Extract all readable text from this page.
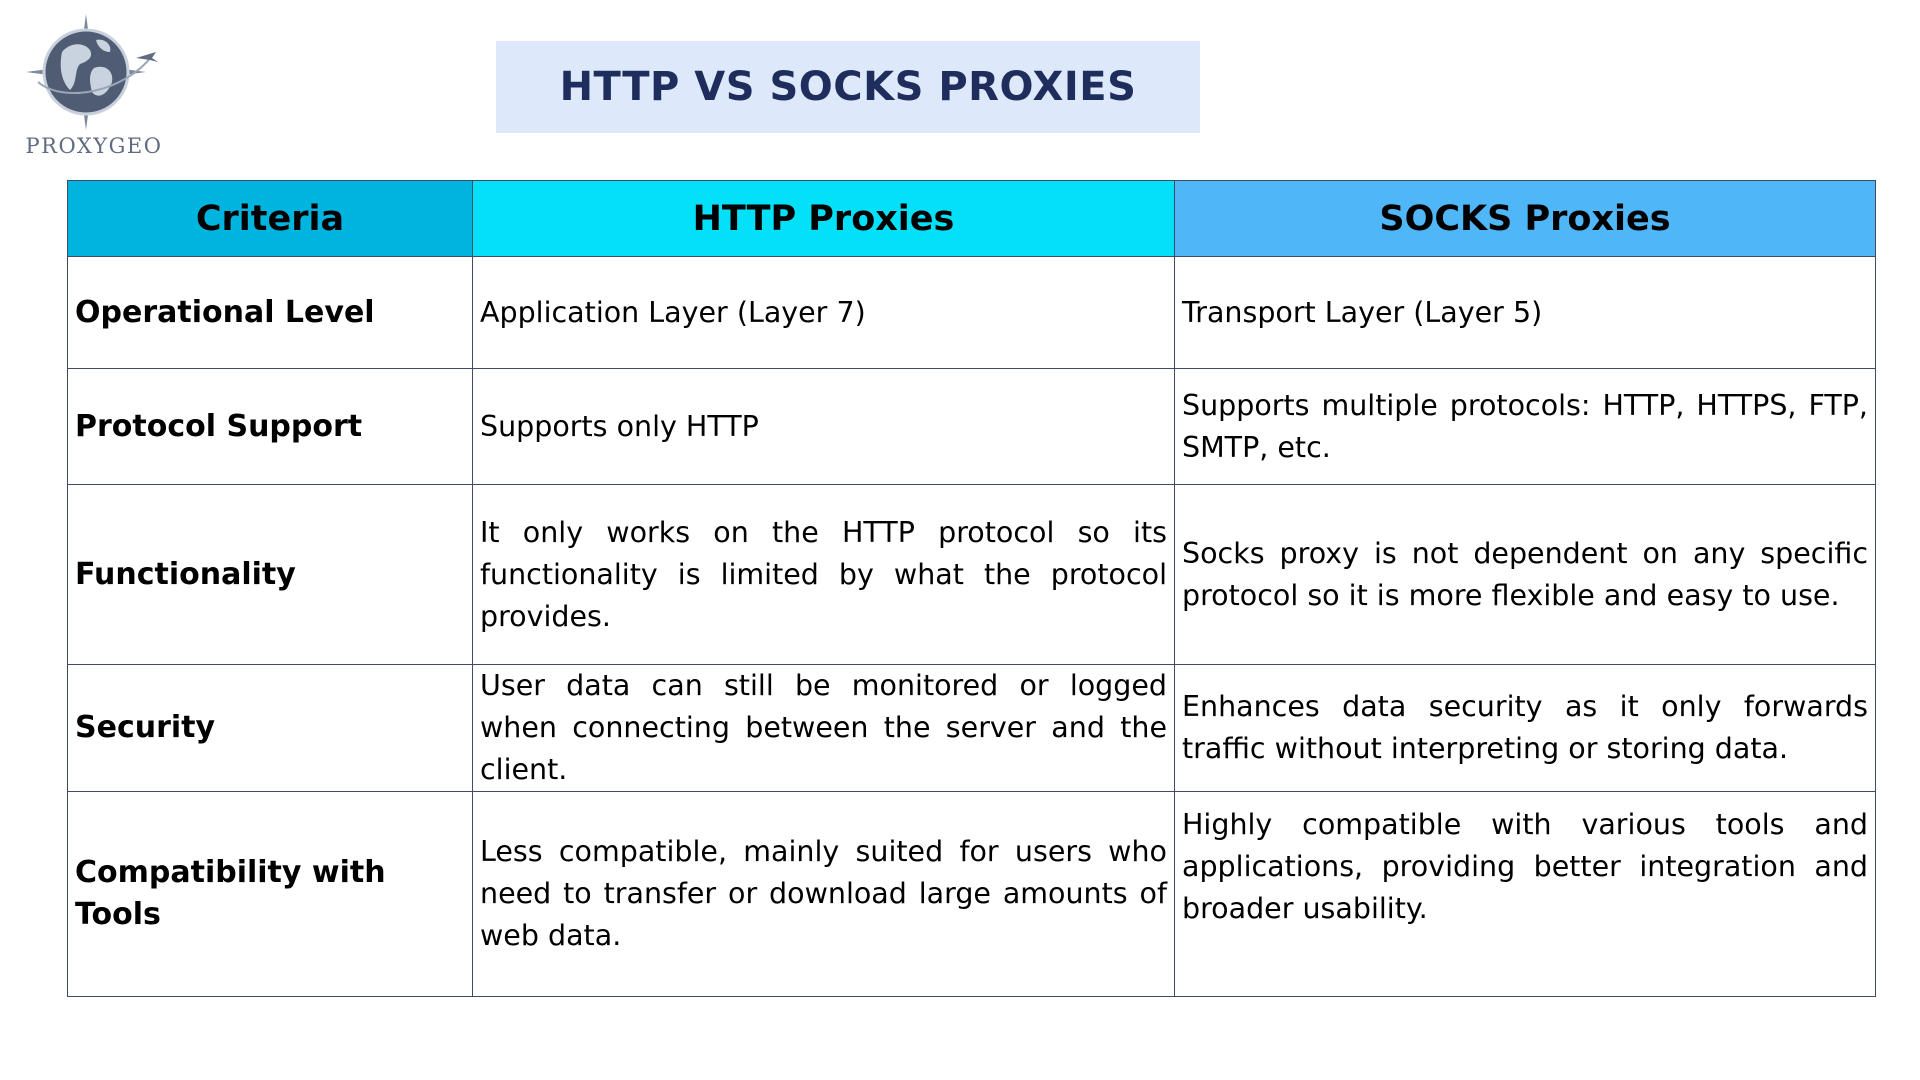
PROXYGEO
HTTP VS SOCKS PROXIES
Criteria	HTTP Proxies	SOCKS Proxies
Operational Level	Application Layer (Layer 7)	Transport Layer (Layer 5)
Protocol Support	Supports only HTTP	Supports multiple protocols: HTTP, HTTPS, FTP, SMTP, etc.
Functionality	It only works on the HTTP protocol so its functionality is limited by what the protocol provides.	Socks proxy is not dependent on any specific protocol so it is more flexible and easy to use.
Security	User data can still be monitored or logged when connecting between the server and the client.	Enhances data security as it only forwards traffic without interpreting or storing data.
Compatibility with Tools	Less compatible, mainly suited for users who need to transfer or download large amounts of web data.	Highly compatible with various tools and applications, providing better integration and broader usability.
